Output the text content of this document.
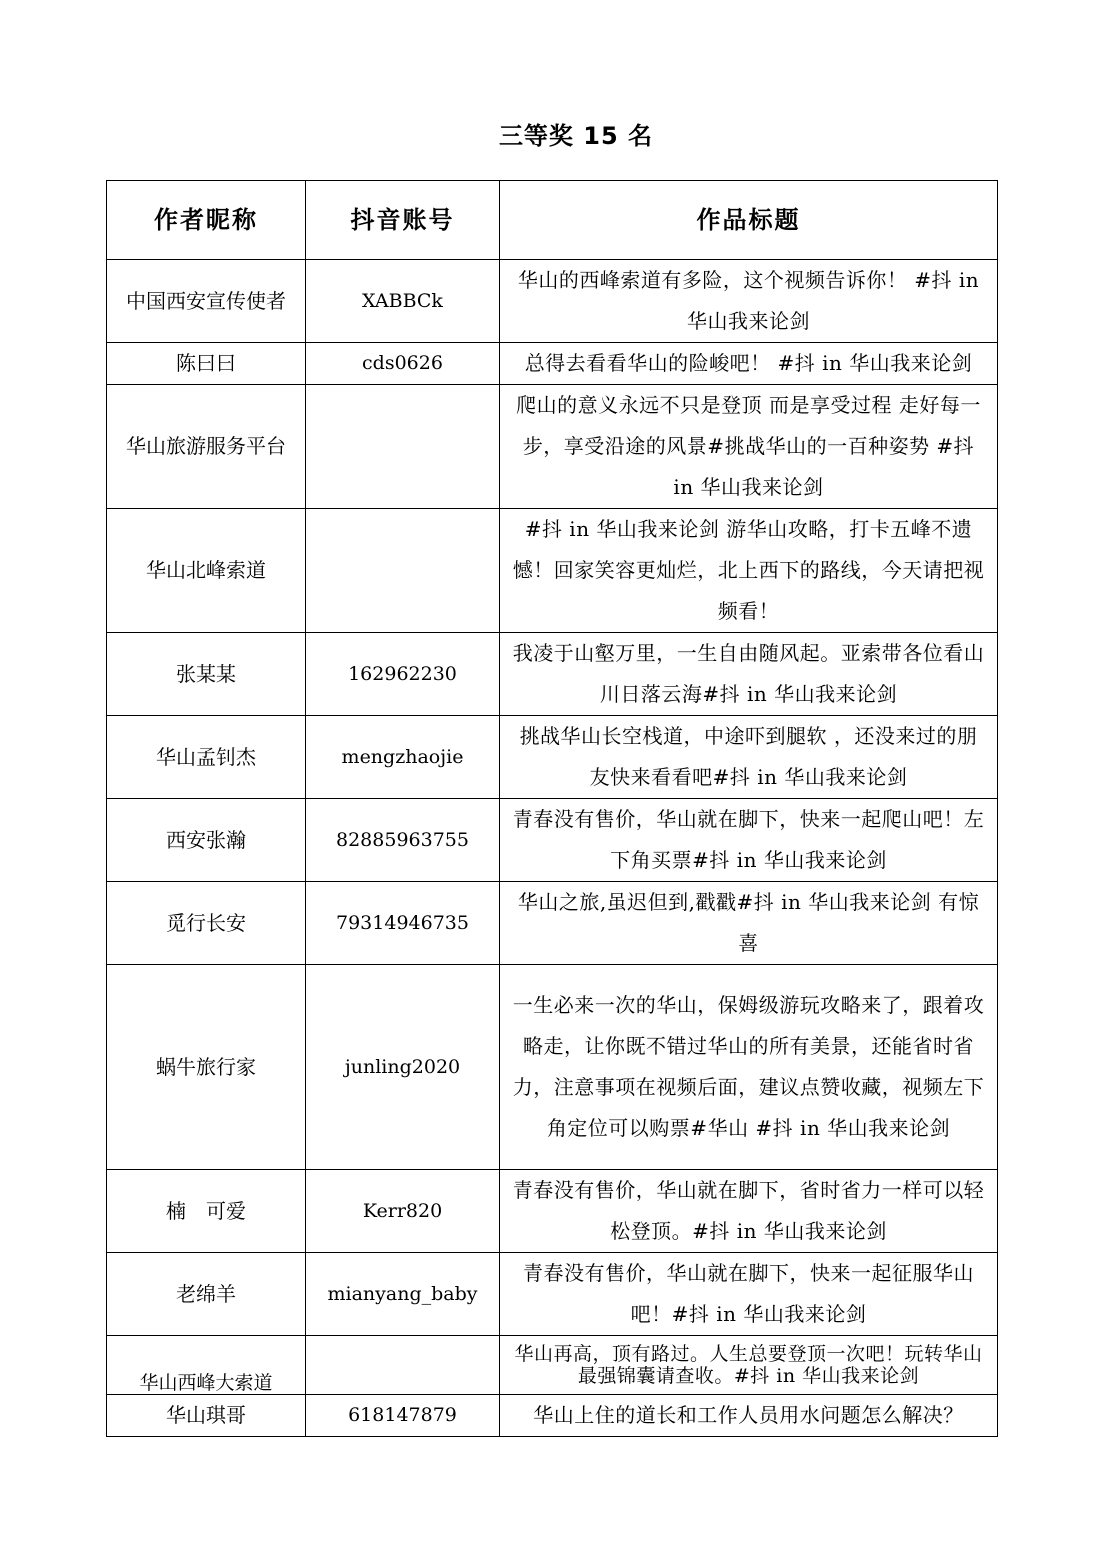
三等奖 15 名
作者昵称	抖音账号	作品标题
中国西安宣传使者	XABBCk	华山的西峰索道有多险，这个视频告诉你！ #抖 in 华山我来论剑
陈曰曰	cds0626	总得去看看华山的险峻吧！ #抖 in 华山我来论剑
华山旅游服务平台		爬山的意义永远不只是登顶 而是享受过程 走好每一步，享受沿途的风景#挑战华山的一百种姿势 #抖 in 华山我来论剑
华山北峰索道		#抖 in 华山我来论剑 游华山攻略，打卡五峰不遗憾！回家笑容更灿烂，北上西下的路线，今天请把视频看！
张某某	162962230	我凌于山壑万里，一生自由随风起。亚索带各位看山川日落云海#抖 in 华山我来论剑
华山孟钊杰	mengzhaojie	挑战华山长空栈道，中途吓到腿软 ，还没来过的朋友快来看看吧#抖 in 华山我来论剑
西安张瀚	82885963755	青春没有售价，华山就在脚下，快来一起爬山吧！左下角买票#抖 in 华山我来论剑
觅行长安	79314946735	华山之旅,虽迟但到,戳戳#抖 in 华山我来论剑 有惊喜
蜗牛旅行家	junling2020	一生必来一次的华山，保姆级游玩攻略来了，跟着攻略走，让你既不错过华山的所有美景，还能省时省力，注意事项在视频后面，建议点赞收藏，视频左下角定位可以购票#华山 #抖 in 华山我来论剑
楠　可爱	Kerr820	青春没有售价，华山就在脚下，省时省力一样可以轻松登顶。#抖 in 华山我来论剑
老绵羊	mianyang_baby	青春没有售价，华山就在脚下，快来一起征服华山吧！#抖 in 华山我来论剑
华山西峰大索道		华山再高，顶有路过。人生总要登顶一次吧！玩转华山最强锦囊请查收。#抖 in 华山我来论剑
华山琪哥	618147879	华山上住的道长和工作人员用水问题怎么解决？
